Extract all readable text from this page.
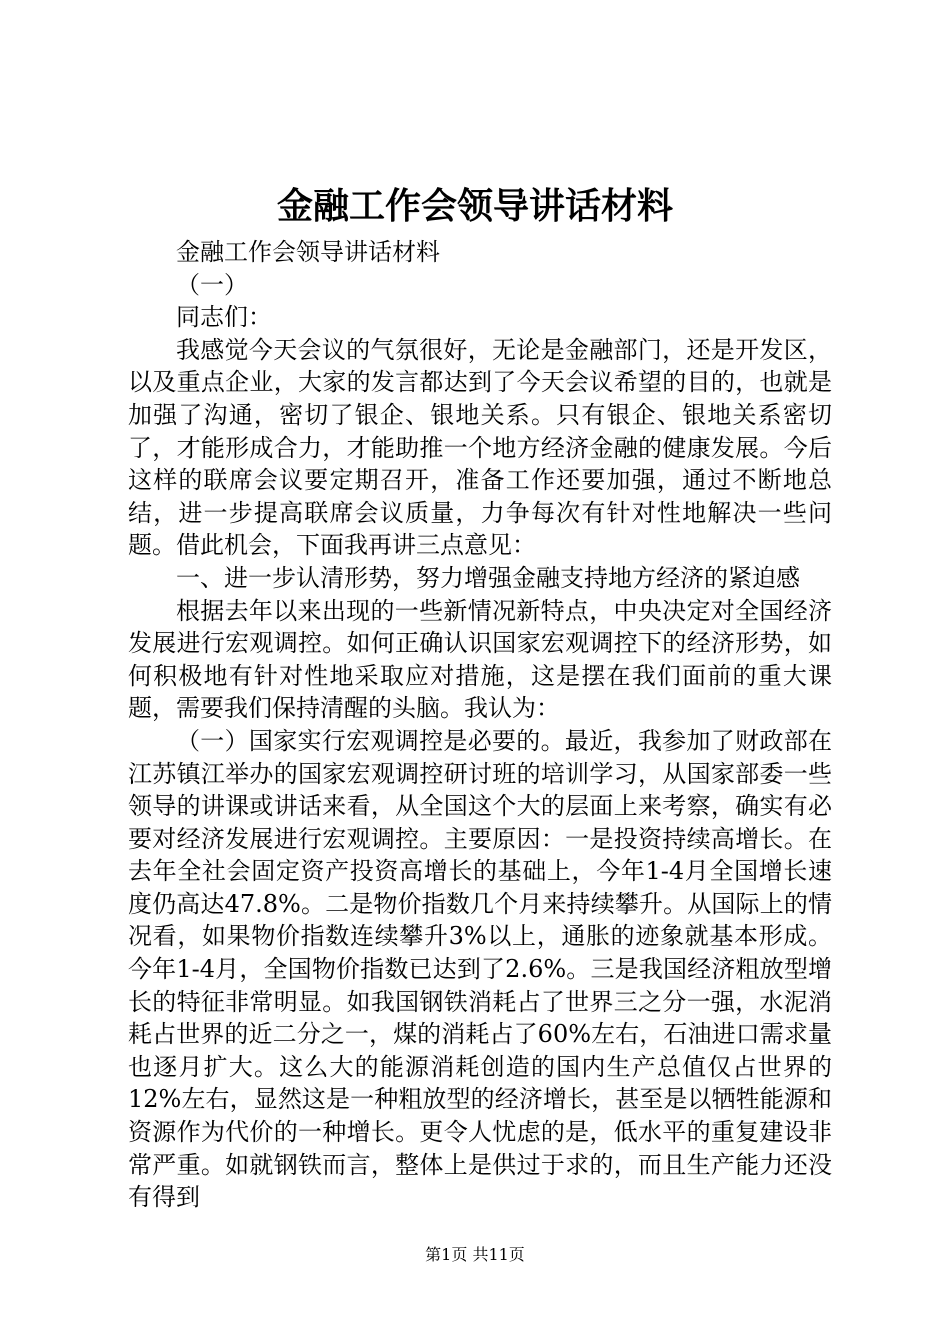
金融工作会领导讲话材料

金融工作会领导讲话材料

（一）

同志们：

我感觉今天会议的气氛很好，无论是金融部门，还是开发区，以及重点企业，大家的发言都达到了今天会议希望的目的，也就是加强了沟通，密切了银企、银地关系。只有银企、银地关系密切了，才能形成合力，才能助推一个地方经济金融的健康发展。今后这样的联席会议要定期召开，准备工作还要加强，通过不断地总结，进一步提高联席会议质量，力争每次有针对性地解决一些问题。借此机会，下面我再讲三点意见：

一、进一步认清形势，努力增强金融支持地方经济的紧迫感

根据去年以来出现的一些新情况新特点，中央决定对全国经济发展进行宏观调控。如何正确认识国家宏观调控下的经济形势，如何积极地有针对性地采取应对措施，这是摆在我们面前的重大课题，需要我们保持清醒的头脑。我认为：

（一）国家实行宏观调控是必要的。最近，我参加了财政部在江苏镇江举办的国家宏观调控研讨班的培训学习，从国家部委一些领导的讲课或讲话来看，从全国这个大的层面上来考察，确实有必要对经济发展进行宏观调控。主要原因：一是投资持续高增长。在去年全社会固定资产投资高增长的基础上，今年1-4月全国增长速度仍高达47.8%。二是物价指数几个月来持续攀升。从国际上的情况看，如果物价指数连续攀升3%以上，通胀的迹象就基本形成。今年1-4月，全国物价指数已达到了2.6%。三是我国经济粗放型增长的特征非常明显。如我国钢铁消耗占了世界三之分一强，水泥消耗占世界的近二分之一，煤的消耗占了60%左右，石油进口需求量也逐月扩大。这么大的能源消耗创造的国内生产总值仅占世界的12%左右，显然这是一种粗放型的经济增长，甚至是以牺牲能源和资源作为代价的一种增长。更令人忧虑的是，低水平的重复建设非常严重。如就钢铁而言，整体上是供过于求的，而且生产能力还没有得到

第1页 共11页
